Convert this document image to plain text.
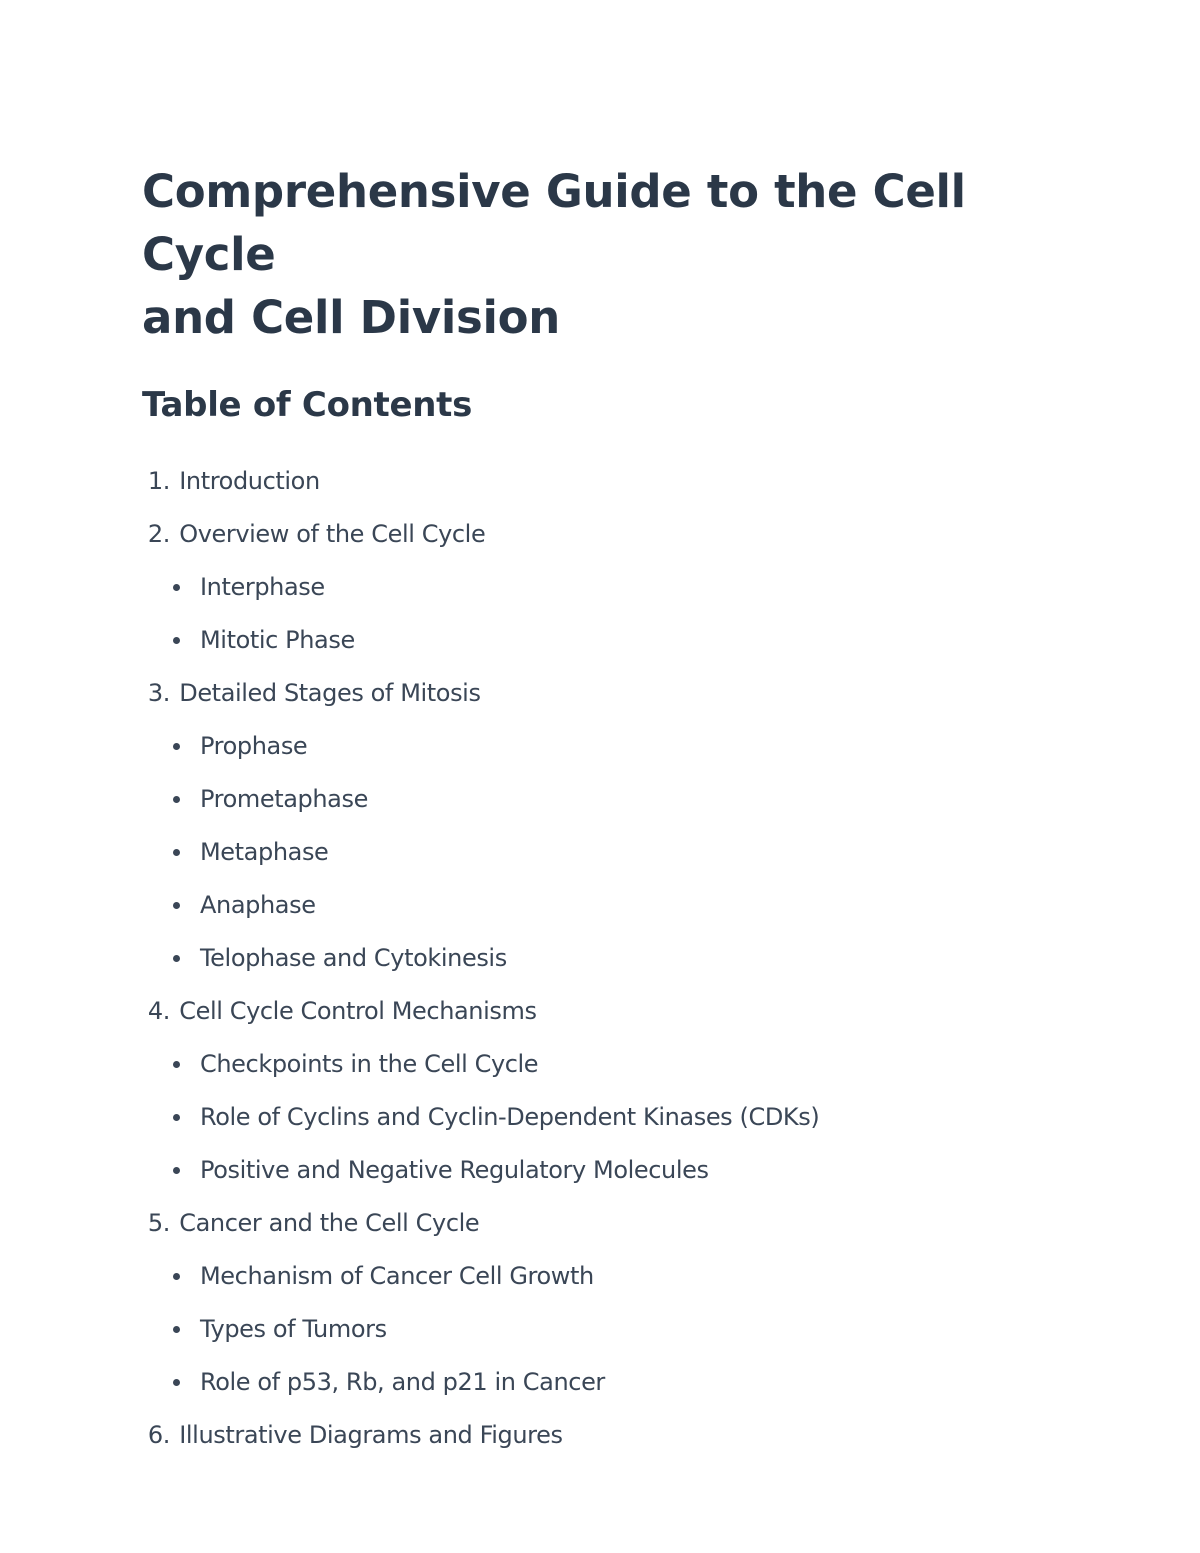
Comprehensive Guide to the Cell Cycle
and Cell Division
Table of Contents
1. Introduction
2. Overview of the Cell Cycle
Interphase
Mitotic Phase
3. Detailed Stages of Mitosis
Prophase
Prometaphase
Metaphase
Anaphase
Telophase and Cytokinesis
4. Cell Cycle Control Mechanisms
Checkpoints in the Cell Cycle
Role of Cyclins and Cyclin-Dependent Kinases (CDKs)
Positive and Negative Regulatory Molecules
5. Cancer and the Cell Cycle
Mechanism of Cancer Cell Growth
Types of Tumors
Role of p53, Rb, and p21 in Cancer
6. Illustrative Diagrams and Figures
